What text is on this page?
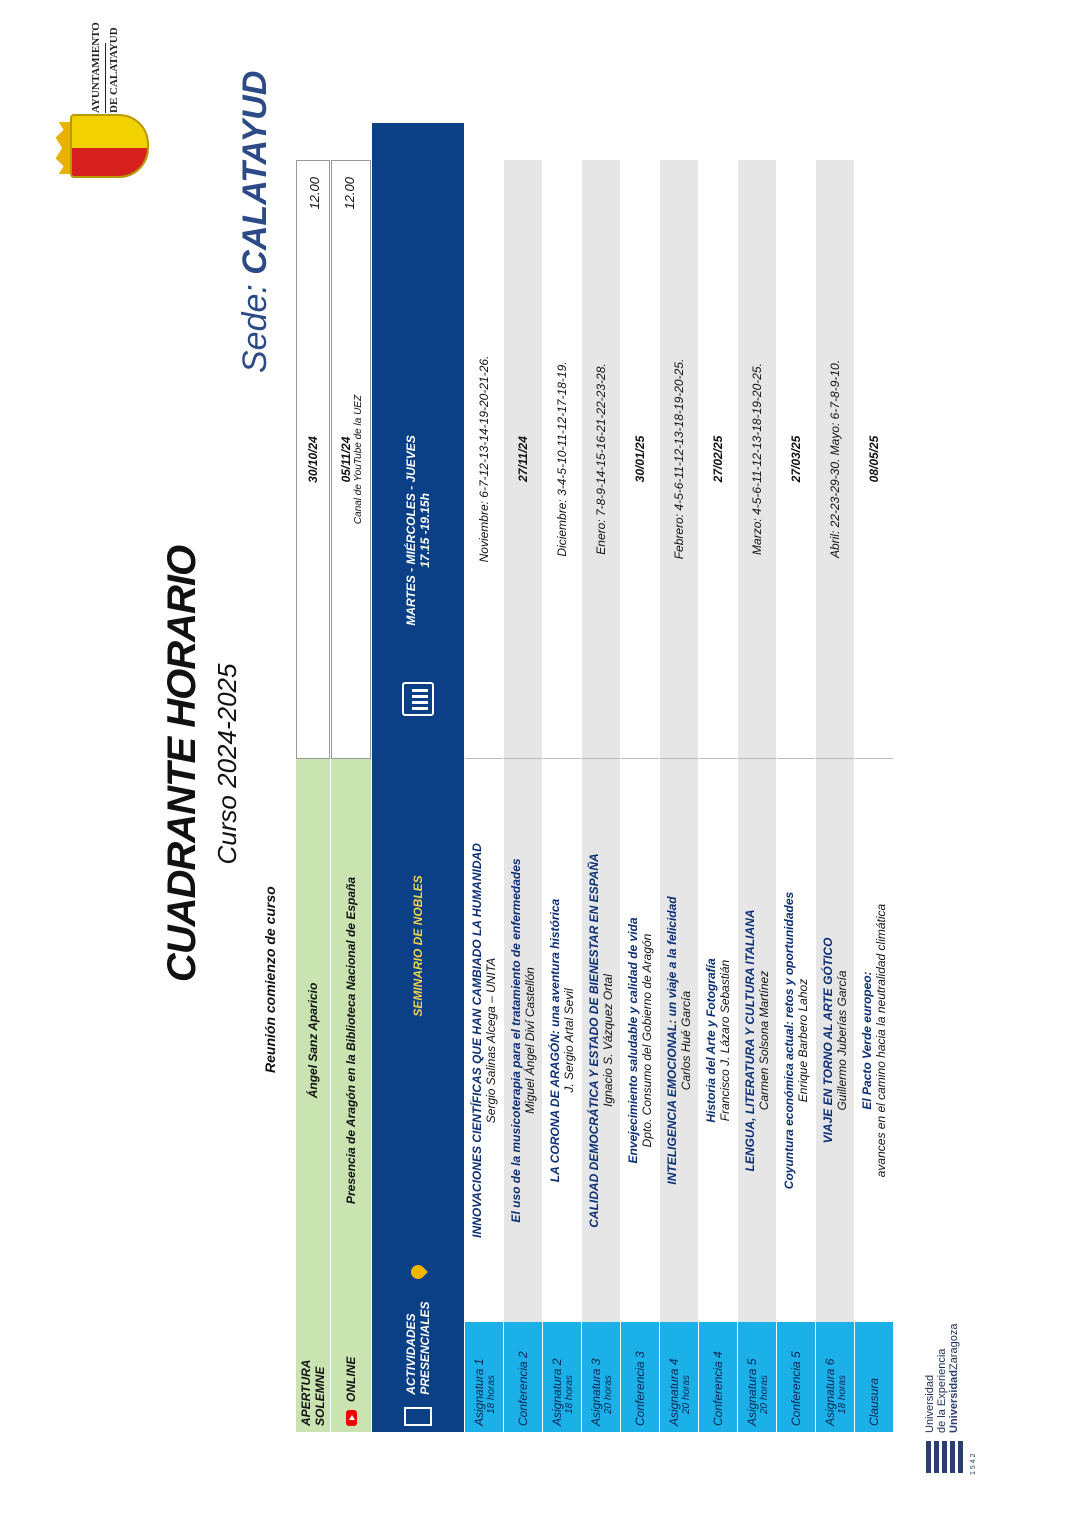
1542
Universidad de la Experiencia UniversidadZaragoza
AYUNTAMIENTO DE CALATAYUD
CUADRANTE HORARIO Curso 2024-2025
Reunión comienzo de curso
Sede: CALATAYUD
APERTURA SOLEMNE
Ángel Sanz Aparicio
30/10/24
12.00
ONLINE
Presencia de Aragón en la Biblioteca Nacional de España
05/11/24 Canal de YouTube de la UEZ
12.00
ACTIVIDADES PRESENCIALES
SEMINARIO DE NOBLES
MARTES - MIÉRCOLES - JUEVES 17.15 -19.15h
Asignatura 1 18 horas
INNOVACIONES CIENTÍFICAS QUE HAN CAMBIADO LA HUMANIDAD Sergio Salinas Alcega – UNITA
Noviembre: 6-7-12-13-14-19-20-21-26.
Conferencia 2
El uso de la musicoterapia para el tratamiento de enfermedades Miguel Ángel Diví Castellón
27/11/24
Asignatura 2 18 horas
LA CORONA DE ARAGÓN: una aventura histórica J. Sergio Artal Sevil
Diciembre: 3-4-5-10-11-12-17-18-19.
Asignatura 3 20 horas
CALIDAD DEMOCRÁTICA Y ESTADO DE BIENESTAR EN ESPAÑA Ignacio S. Vázquez Ortal
Enero: 7-8-9-14-15-16-21-22-23-28.
Conferencia 3
Envejecimiento saludable y calidad de vida Dpto. Consumo del Gobierno de Aragón
30/01/25
Asignatura 4 20 horas
INTELIGENCIA EMOCIONAL: un viaje a la felicidad Carlos Hué García
Febrero: 4-5-6-11-12-13-18-19-20-25.
Conferencia 4
Historia del Arte y Fotografía Francisco J. Lázaro Sebastián
27/02/25
Asignatura 5 20 horas
LENGUA, LITERATURA Y CULTURA ITALIANA Carmen Solsona Martínez
Marzo: 4-5-6-11-12-13-18-19-20-25.
Conferencia 5
Coyuntura económica actual: retos y oportunidades Enrique Barbero Lahoz
27/03/25
Asignatura 6 18 horas
VIAJE EN TORNO AL ARTE GÓTICO Guillermo Juberías García
Abril: 22-23-29-30. Mayo: 6-7-8-9-10.
Clausura
El Pacto Verde europeo: avances en el camino hacia la neutralidad climática
08/05/25
